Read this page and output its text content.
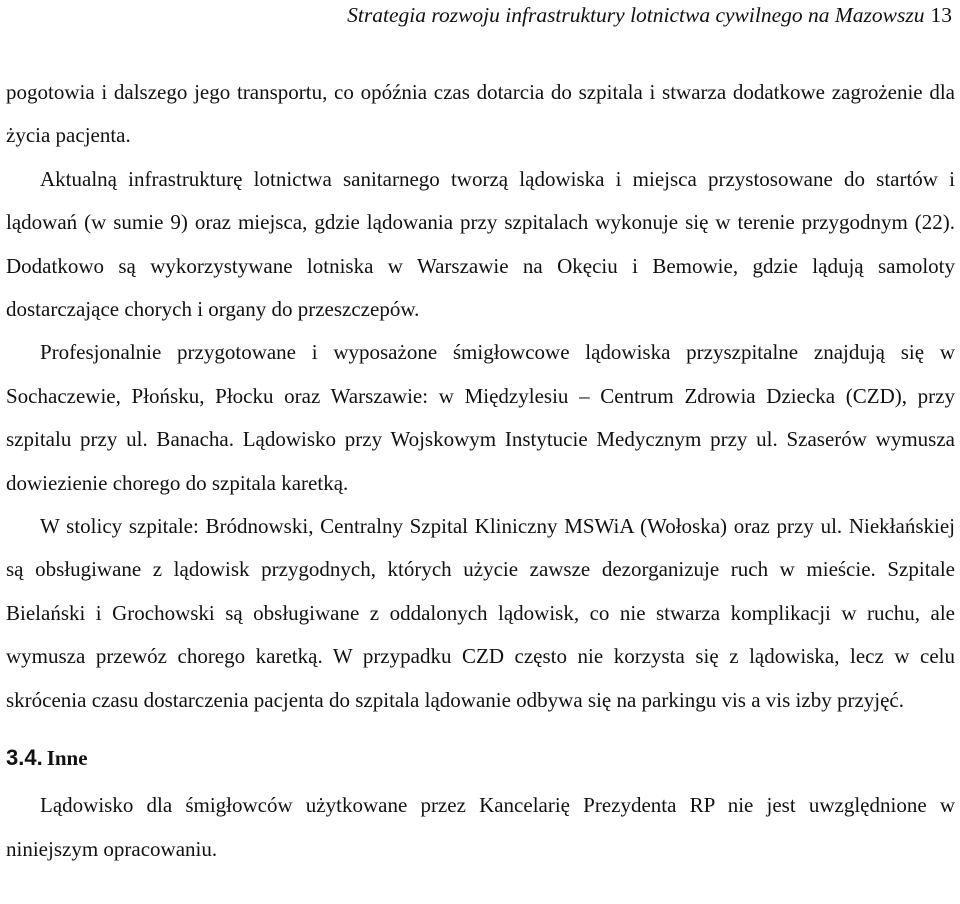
Strategia rozwoju infrastruktury lotnictwa cywilnego na Mazowszu 13

pogotowia i dalszego jego transportu, co opóźnia czas dotarcia do szpitala i stwarza dodatkowe zagrożenie dla życia pacjenta.

Aktualną infrastrukturę lotnictwa sanitarnego tworzą lądowiska i miejsca przystosowane do startów i lądowań (w sumie 9) oraz miejsca, gdzie lądowania przy szpitalach wykonuje się w terenie przygodnym (22). Dodatkowo są wykorzystywane lotniska w Warszawie na Okęciu i Bemowie, gdzie lądują samoloty dostarczające chorych i organy do przeszczepów.

Profesjonalnie przygotowane i wyposażone śmigłowcowe lądowiska przyszpitalne znajdują się w Sochaczewie, Płońsku, Płocku oraz Warszawie: w Międzylesiu – Centrum Zdrowia Dziecka (CZD), przy szpitalu przy ul. Banacha. Lądowisko przy Wojskowym Instytucie Medycznym przy ul. Szaserów wymusza dowiezienie chorego do szpitala karetką.

W stolicy szpitale: Bródnowski, Centralny Szpital Kliniczny MSWiA (Wołoska) oraz przy ul. Niekłańskiej są obsługiwane z lądowisk przygodnych, których użycie zawsze dezorganizuje ruch w mieście. Szpitale Bielański i Grochowski są obsługiwane z oddalonych lądowisk, co nie stwarza komplikacji w ruchu, ale wymusza przewóz chorego karetką. W przypadku CZD często nie korzysta się z lądowiska, lecz w celu skrócenia czasu dostarczenia pacjenta do szpitala lądowanie odbywa się na parkingu vis a vis izby przyjęć.

3.4. Inne

Lądowisko dla śmigłowców użytkowane przez Kancelarię Prezydenta RP nie jest uwzględnione w niniejszym opracowaniu.
